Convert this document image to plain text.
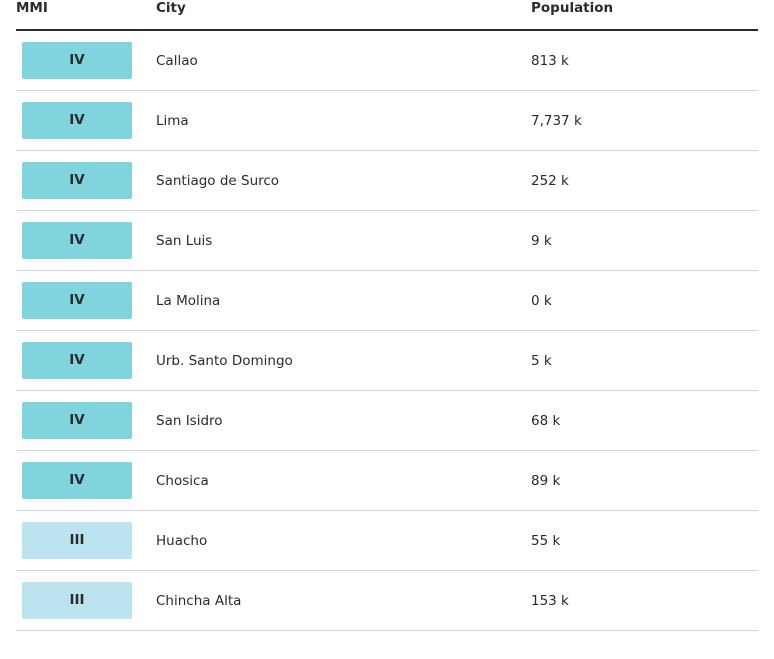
MMI	City	Population

IV	Callao	813 k

IV	Lima	7,737 k

IV	Santiago de Surco	252 k

IV	San Luis	9 k

IV	La Molina	0 k

IV	Urb. Santo Domingo	5 k

IV	San Isidro	68 k

IV	Chosica	89 k

III	Huacho	55 k

III	Chincha Alta	153 k
